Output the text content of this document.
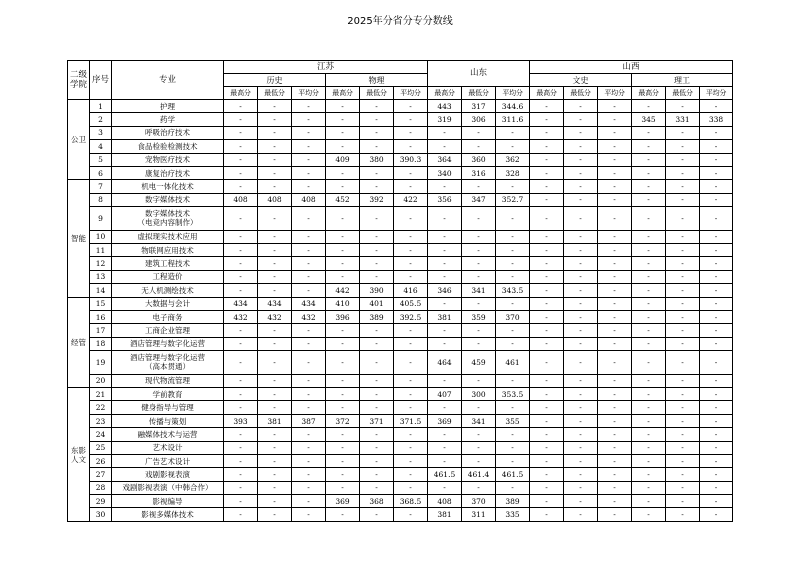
2025年分省分专分数线
二级
学院	序号	专业	江苏						山东			山西					
			历史			物理						文史			理工		
			最高分	最低分	平均分	最高分	最低分	平均分	最高分	最低分	平均分	最高分	最低分	平均分	最高分	最低分	平均分
公卫	1	护理	-	-	-	-	-	-	443	317	344.6	-	-	-	-	-	-
	2	药学	-	-	-	-	-	-	319	306	311.6	-	-	-	345	331	338
	3	呼吸治疗技术	-	-	-	-	-	-	-	-	-	-	-	-	-	-	-
	4	食品检验检测技术	-	-	-	-	-	-	-	-	-	-	-	-	-	-	-
	5	宠物医疗技术	-	-	-	409	380	390.3	364	360	362	-	-	-	-	-	-
	6	康复治疗技术	-	-	-	-	-	-	340	316	328	-	-	-	-	-	-
智能	7	机电一体化技术	-	-	-	-	-	-	-	-	-	-	-	-	-	-	-
	8	数字媒体技术	408	408	408	452	392	422	356	347	352.7	-	-	-	-	-	-
	9	数字媒体技术
（电竞内容制作）	-	-	-	-	-	-	-	-	-	-	-	-	-	-	-
	10	虚拟现实技术应用	-	-	-	-	-	-	-	-	-	-	-	-	-	-	-
	11	物联网应用技术	-	-	-	-	-	-	-	-	-	-	-	-	-	-	-
	12	建筑工程技术	-	-	-	-	-	-	-	-	-	-	-	-	-	-	-
	13	工程造价	-	-	-	-	-	-	-	-	-	-	-	-	-	-	-
	14	无人机测绘技术	-	-	-	442	390	416	346	341	343.5	-	-	-	-	-	-
经管	15	大数据与会计	434	434	434	410	401	405.5	-	-	-	-	-	-	-	-	-
	16	电子商务	432	432	432	396	389	392.5	381	359	370	-	-	-	-	-	-
	17	工商企业管理	-	-	-	-	-	-	-	-	-	-	-	-	-	-	-
	18	酒店管理与数字化运营	-	-	-	-	-	-	-	-	-	-	-	-	-	-	-
	19	酒店管理与数字化运营
（高本贯通）	-	-	-	-	-	-	464	459	461	-	-	-	-	-	-
	20	现代物流管理	-	-	-	-	-	-	-	-	-	-	-	-	-	-	-
东影
人文	21	学前教育	-	-	-	-	-	-	407	300	353.5	-	-	-	-	-	-
	22	健身指导与管理	-	-	-	-	-	-	-	-	-	-	-	-	-	-	-
	23	传播与策划	393	381	387	372	371	371.5	369	341	355	-	-	-	-	-	-
	24	融媒体技术与运营	-	-	-	-	-	-	-	-	-	-	-	-	-	-	-
	25	艺术设计	-	-	-	-	-	-	-	-	-	-	-	-	-	-	-
	26	广告艺术设计	-	-	-	-	-	-	-	-	-	-	-	-	-	-	-
	27	戏剧影视表演	-	-	-	-	-	-	461.5	461.4	461.5	-	-	-	-	-	-
	28	戏剧影视表演（中韩合作）	-	-	-	-	-	-	-	-	-	-	-	-	-	-	-
	29	影视编导	-	-	-	369	368	368.5	408	370	389	-	-	-	-	-	-
	30	影视多媒体技术	-	-	-	-	-	-	381	311	335	-	-	-	-	-	-
